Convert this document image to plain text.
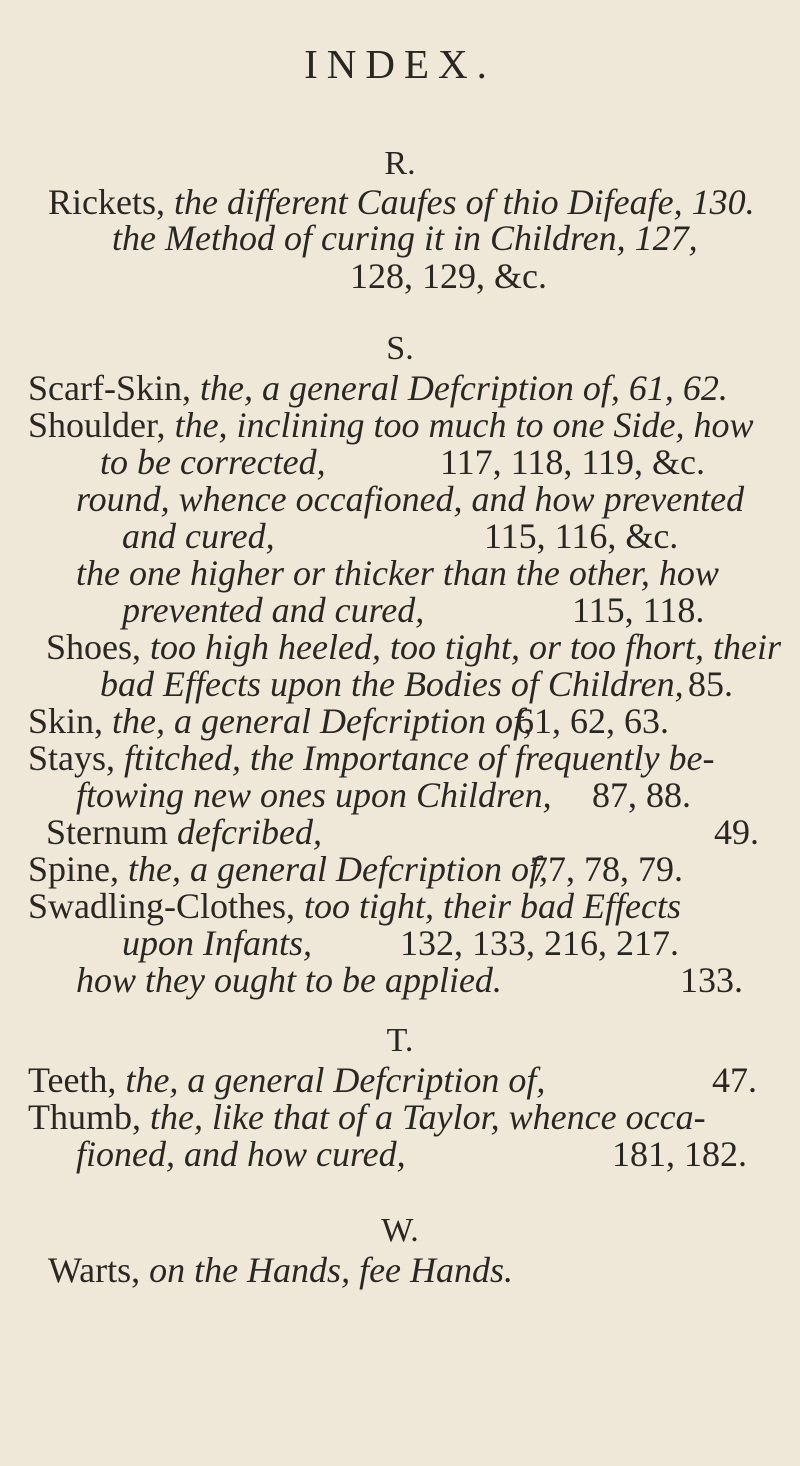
INDEX.
R.
Rickets, the different Caufes of thio Difeafe, 130.
the Method of curing it in Children, 127,
128, 129, &c.
S.
Scarf-Skin, the, a general Defcription of, 61, 62.
Shoulder, the, inclining too much to one Side, how
to be corrected,	117, 118, 119, &c.
round, whence occafioned, and how prevented
and cured,	115, 116, &c.
the one higher or thicker than the other, how
prevented and cured,	115, 118.
Shoes, too high heeled, too tight, or too fhort, their
bad Effects upon the Bodies of Children, 85.
Skin, the, a general Defcription of,
61, 62, 63.
Stays, ftitched, the Importance of frequently be-
ftowing new ones upon Children, 87, 88.
Sternum defcribed,	49.
Spine, the, a general Defcription of,
77, 78, 79.
Swadling-Clothes, too tight, their bad Effects
upon Infants, 132, 133, 216, 217.
how they ought to be applied.	133.
T.
Teeth, the, a general Defcription of,	47.
Thumb, the, like that of a Taylor, whence occa-
fioned, and how cured,	181, 182.
W.
Warts, on the Hands, fee Hands.
